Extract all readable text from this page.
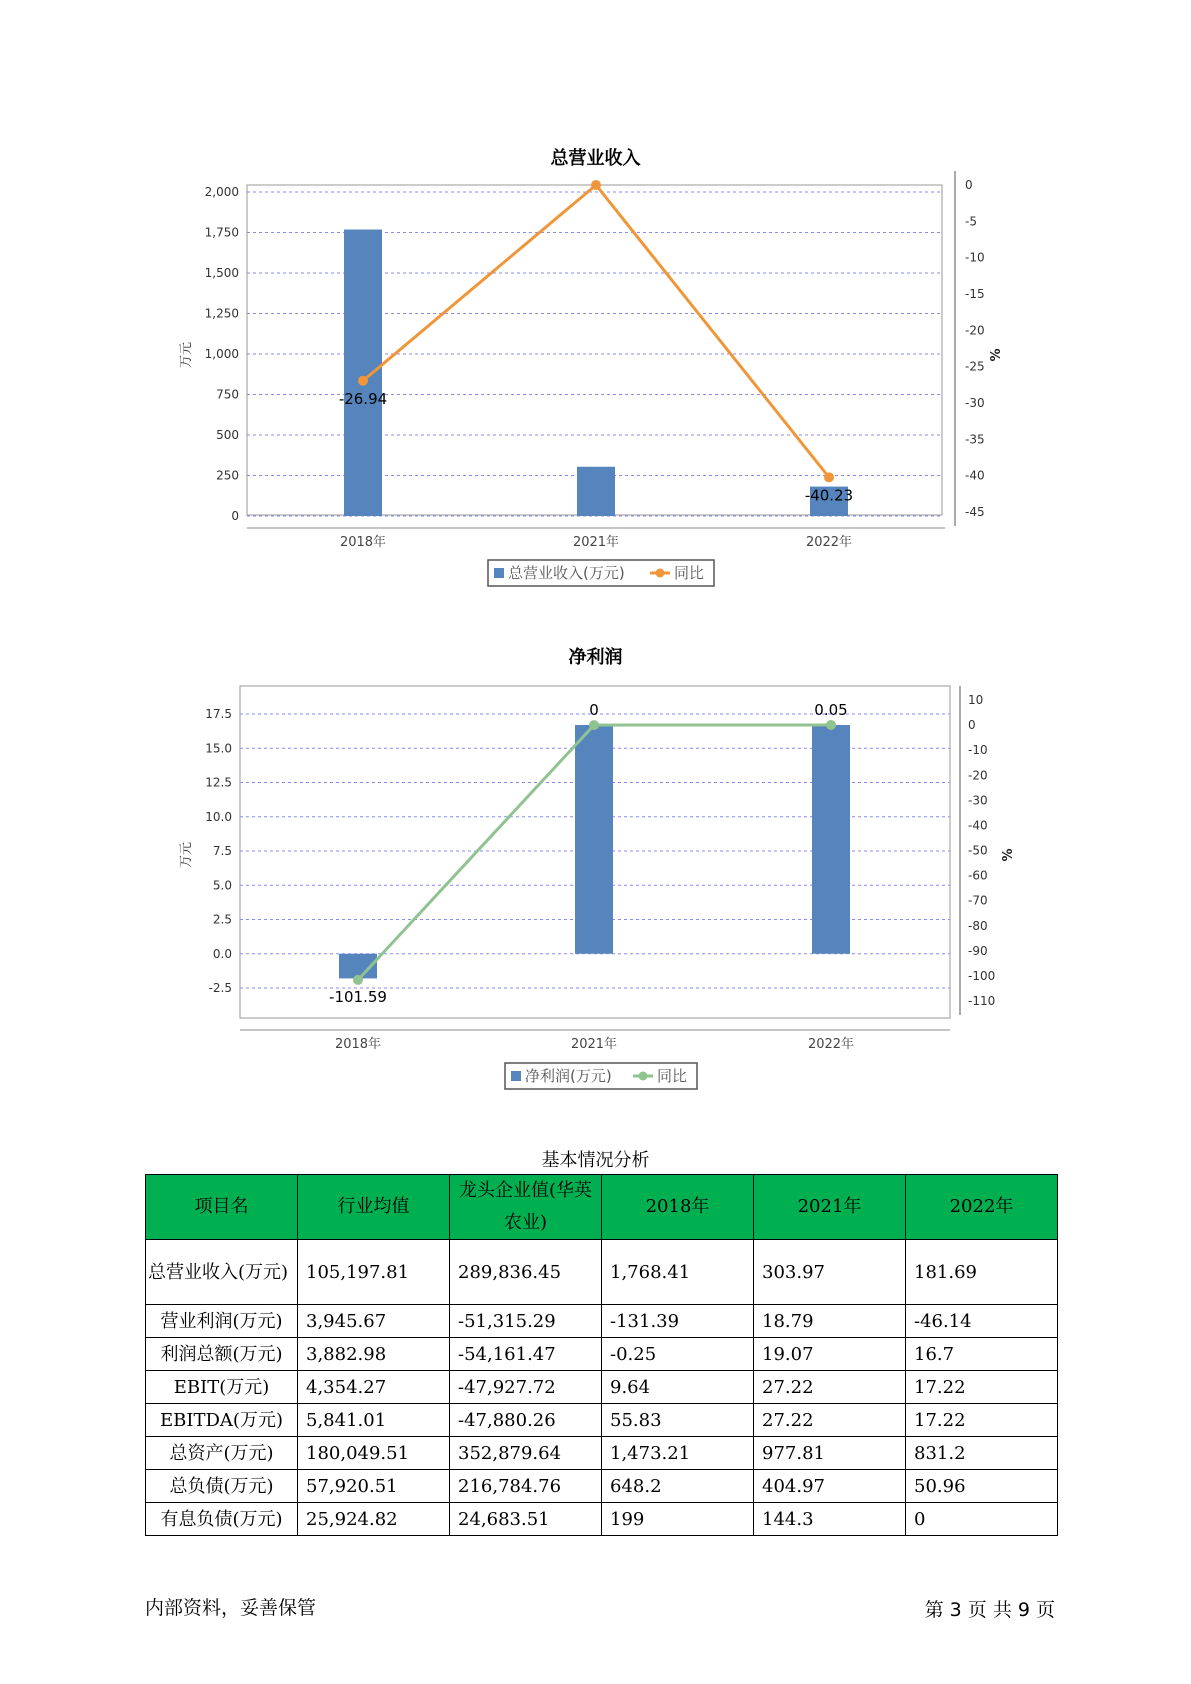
总营业收入
2,000
1,750
1,500
1,250
1,000
750
500
250
0
0
-5
-10
-15
-20
-25
-30
-35
-40
-45
万元	%
2018年	2021年	2022年
-26.94
-40.23
总营业收入(万元)	同比
净利润
17.5
15.0
12.5
10.0
7.5
5.0
2.5
0.0
-2.5
10
0
-10
-20
-30
-40
-50
-60
-70
-80
-90
-100
-110
万元	%
2018年	2021年	2022年
-101.59
0	0.05
净利润(万元)	同比
基本情况分析
项目名	行业均值	龙头企业值(华英农业)	2018年	2021年	2022年
总营业收入(万元)	105,197.81	289,836.45	1,768.41	303.97	181.69
营业利润(万元)	3,945.67	-51,315.29	-131.39	18.79	-46.14
利润总额(万元)	3,882.98	-54,161.47	-0.25	19.07	16.7
EBIT(万元)	4,354.27	-47,927.72	9.64	27.22	17.22
EBITDA(万元)	5,841.01	-47,880.26	55.83	27.22	17.22
总资产(万元)	180,049.51	352,879.64	1,473.21	977.81	831.2
总负债(万元)	57,920.51	216,784.76	648.2	404.97	50.96
有息负债(万元)	25,924.82	24,683.51	199	144.3	0
内部资料，妥善保管	第 3 页 共 9 页
